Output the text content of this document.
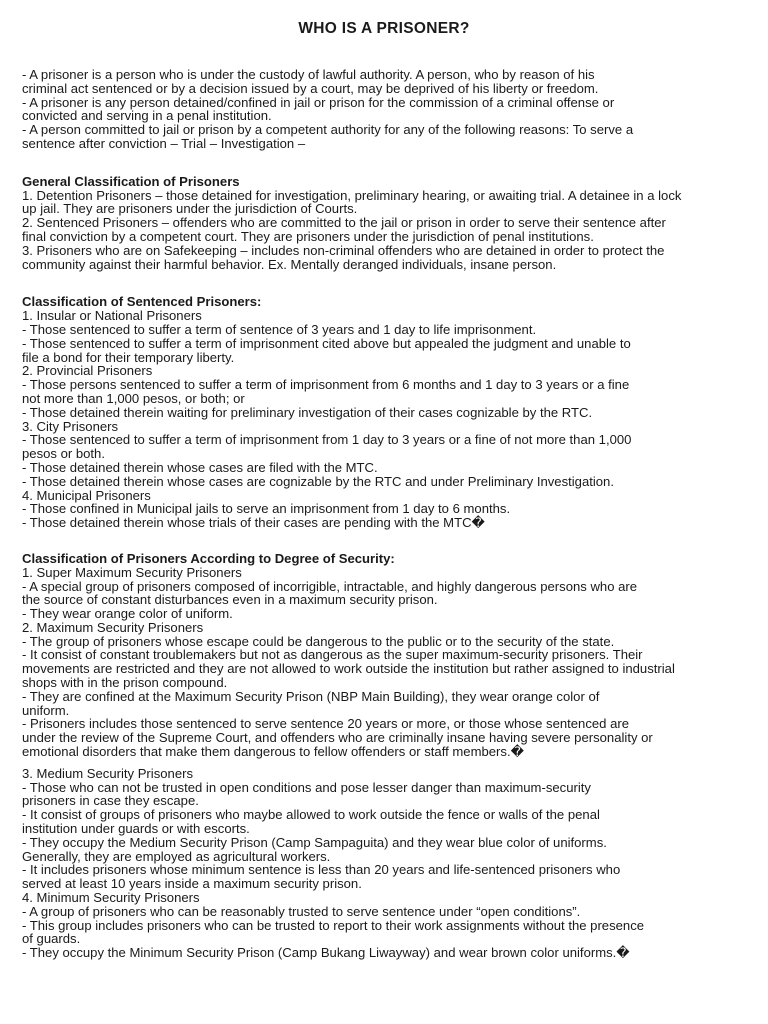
WHO IS A PRISONER?

- A prisoner is a person who is under the custody of lawful authority. A person, who by reason of his
criminal act sentenced or by a decision issued by a court, may be deprived of his liberty or freedom.
- A prisoner is any person detained/confined in jail or prison for the commission of a criminal offense or
convicted and serving in a penal institution.
- A person committed to jail or prison by a competent authority for any of the following reasons: To serve a
sentence after conviction – Trial – Investigation –

General Classification of Prisoners

1. Detention Prisoners – those detained for investigation, preliminary hearing, or awaiting trial. A detainee in a lock
up jail. They are prisoners under the jurisdiction of Courts.
2. Sentenced Prisoners – offenders who are committed to the jail or prison in order to serve their sentence after
final conviction by a competent court. They are prisoners under the jurisdiction of penal institutions.
3. Prisoners who are on Safekeeping – includes non-criminal offenders who are detained in order to protect the
community against their harmful behavior. Ex. Mentally deranged individuals, insane person.

Classification of Sentenced Prisoners:

1. Insular or National Prisoners
- Those sentenced to suffer a term of sentence of 3 years and 1 day to life imprisonment.
- Those sentenced to suffer a term of imprisonment cited above but appealed the judgment and unable to
file a bond for their temporary liberty.
2. Provincial Prisoners
- Those persons sentenced to suffer a term of imprisonment from 6 months and 1 day to 3 years or a fine
not more than 1,000 pesos, or both; or
- Those detained therein waiting for preliminary investigation of their cases cognizable by the RTC.
3. City Prisoners
- Those sentenced to suffer a term of imprisonment from 1 day to 3 years or a fine of not more than 1,000
pesos or both.
- Those detained therein whose cases are filed with the MTC.
- Those detained therein whose cases are cognizable by the RTC and under Preliminary Investigation.
4. Municipal Prisoners
- Those confined in Municipal jails to serve an imprisonment from 1 day to 6 months.
- Those detained therein whose trials of their cases are pending with the MTC�

Classification of Prisoners According to Degree of Security:

1. Super Maximum Security Prisoners
- A special group of prisoners composed of incorrigible, intractable, and highly dangerous persons who are
the source of constant disturbances even in a maximum security prison.
- They wear orange color of uniform.
2. Maximum Security Prisoners
- The group of prisoners whose escape could be dangerous to the public or to the security of the state.
- It consist of constant troublemakers but not as dangerous as the super maximum-security prisoners. Their
movements are restricted and they are not allowed to work outside the institution but rather assigned to industrial
shops with in the prison compound.
- They are confined at the Maximum Security Prison (NBP Main Building), they wear orange color of
uniform.
- Prisoners includes those sentenced to serve sentence 20 years or more, or those whose sentenced are
under the review of the Supreme Court, and offenders who are criminally insane having severe personality or
emotional disorders that make them dangerous to fellow offenders or staff members.�

3. Medium Security Prisoners
- Those who can not be trusted in open conditions and pose lesser danger than maximum-security
prisoners in case they escape.
- It consist of groups of prisoners who maybe allowed to work outside the fence or walls of the penal
institution under guards or with escorts.
- They occupy the Medium Security Prison (Camp Sampaguita) and they wear blue color of uniforms.
Generally, they are employed as agricultural workers.
- It includes prisoners whose minimum sentence is less than 20 years and life-sentenced prisoners who
served at least 10 years inside a maximum security prison.
4. Minimum Security Prisoners
- A group of prisoners who can be reasonably trusted to serve sentence under “open conditions”.
- This group includes prisoners who can be trusted to report to their work assignments without the presence
of guards.
- They occupy the Minimum Security Prison (Camp Bukang Liwayway) and wear brown color uniforms.�
